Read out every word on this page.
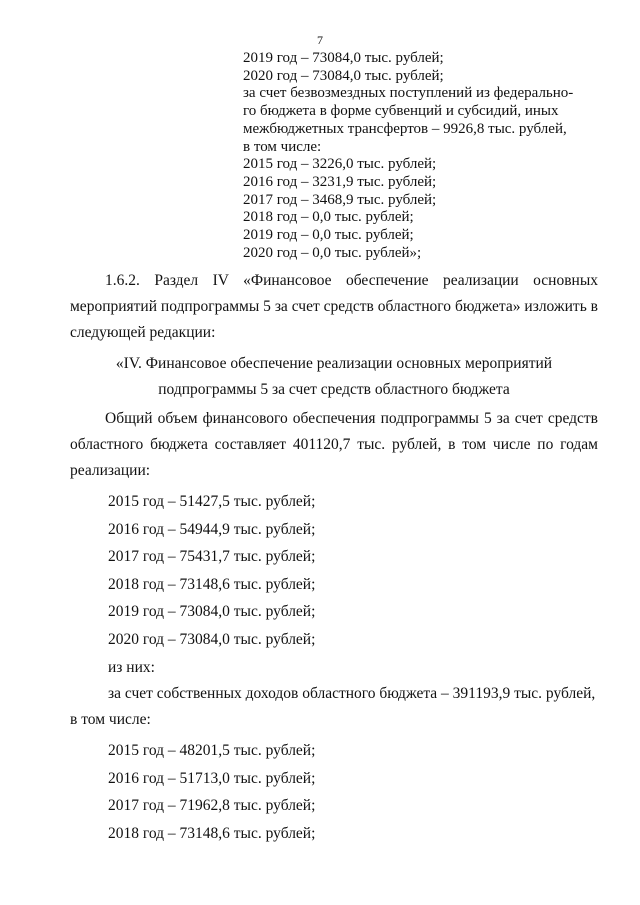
7
2019 год – 73084,0 тыс. рублей;
2020 год – 73084,0 тыс. рублей;
за счет безвозмездных поступлений из федерально-
го бюджета в форме субвенций и субсидий, иных
межбюджетных трансфертов – 9926,8 тыс. рублей,
в том числе:
2015 год – 3226,0 тыс. рублей;
2016 год – 3231,9 тыс. рублей;
2017 год – 3468,9 тыс. рублей;
2018 год – 0,0 тыс. рублей;
2019 год – 0,0 тыс. рублей;
2020 год – 0,0 тыс. рублей»;
1.6.2. Раздел IV «Финансовое обеспечение реализации основных мероприятий подпрограммы 5 за счет средств областного бюджета» изложить в следующей редакции:
«IV. Финансовое обеспечение реализации основных мероприятий
подпрограммы 5 за счет средств областного бюджета
Общий объем финансового обеспечения подпрограммы 5 за счет средств областного бюджета составляет 401120,7 тыс. рублей, в том числе по годам реализации:
2015 год – 51427,5 тыс. рублей;
2016 год – 54944,9 тыс. рублей;
2017 год – 75431,7 тыс. рублей;
2018 год – 73148,6 тыс. рублей;
2019 год – 73084,0 тыс. рублей;
2020 год – 73084,0 тыс. рублей;
из них:
за счет собственных доходов областного бюджета – 391193,9 тыс. рублей,
в том числе:
2015 год – 48201,5 тыс. рублей;
2016 год – 51713,0 тыс. рублей;
2017 год – 71962,8 тыс. рублей;
2018 год – 73148,6 тыс. рублей;
